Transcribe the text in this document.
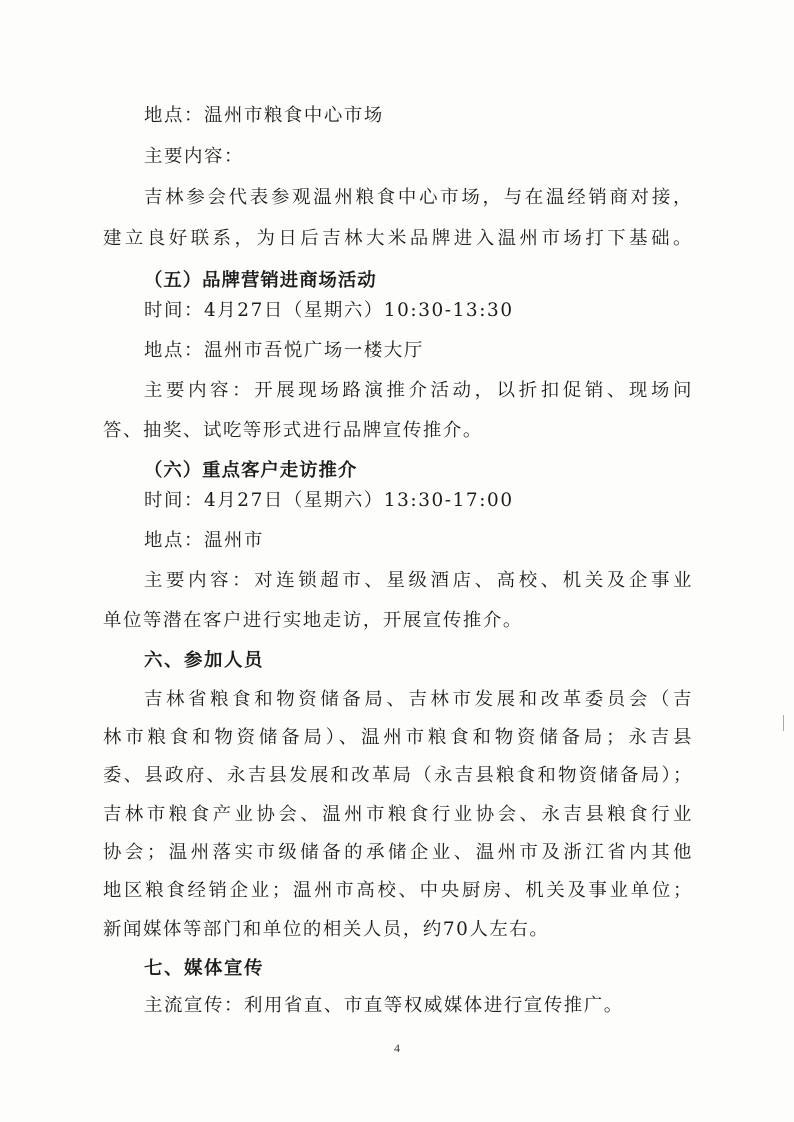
地点：温州市粮食中心市场
主要内容：
吉林参会代表参观温州粮食中心市场，与在温经销商对接，
建立良好联系，为日后吉林大米品牌进入温州市场打下基础。
（五）品牌营销进商场活动
时间：4月27日（星期六）10:30-13:30
地点：温州市吾悦广场一楼大厅
主要内容：开展现场路演推介活动，以折扣促销、现场问
答、抽奖、试吃等形式进行品牌宣传推介。
（六）重点客户走访推介
时间：4月27日（星期六）13:30-17:00
地点：温州市
主要内容：对连锁超市、星级酒店、高校、机关及企事业
单位等潜在客户进行实地走访，开展宣传推介。
六、参加人员
吉林省粮食和物资储备局、吉林市发展和改革委员会（吉
林市粮食和物资储备局）、温州市粮食和物资储备局；永吉县
委、县政府、永吉县发展和改革局（永吉县粮食和物资储备局）；
吉林市粮食产业协会、温州市粮食行业协会、永吉县粮食行业
协会；温州落实市级储备的承储企业、温州市及浙江省内其他
地区粮食经销企业；温州市高校、中央厨房、机关及事业单位；
新闻媒体等部门和单位的相关人员，约70人左右。
七、媒体宣传
主流宣传：利用省直、市直等权威媒体进行宣传推广。
4
